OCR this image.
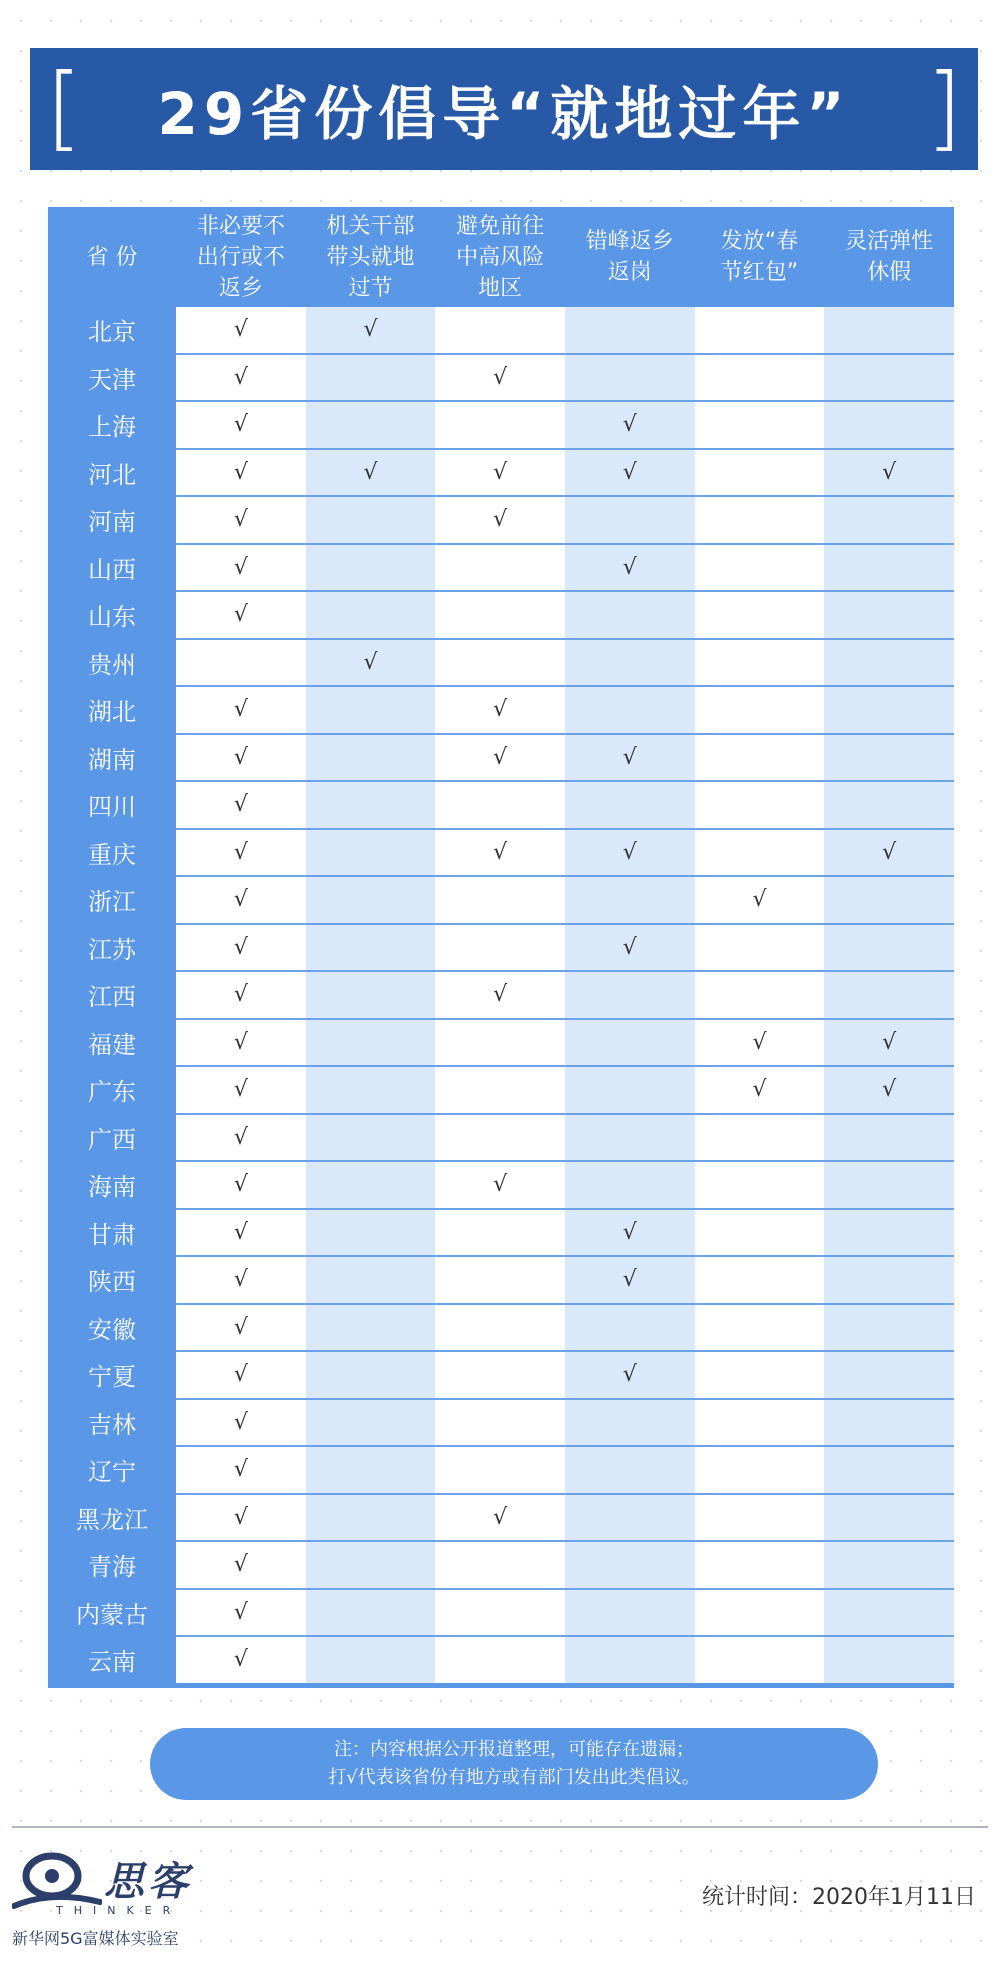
[ 29省份倡导“就地过年” ]
省 份	非必要不
出行或不
返乡	机关干部
带头就地
过节	避免前往
中高风险
地区	错峰返乡
返岗	发放“春
节红包”	灵活弹性
休假
北京	√	√				
天津	√		√			
上海	√			√		
河北	√	√	√	√		√
河南	√		√			
山西	√			√		
山东	√					
贵州		√				
湖北	√		√			
湖南	√		√	√		
四川	√					
重庆	√		√	√		√
浙江	√				√	
江苏	√			√		
江西	√		√			
福建	√				√	√
广东	√				√	√
广西	√					
海南	√		√			
甘肃	√			√		
陕西	√			√		
安徽	√					
宁夏	√			√		
吉林	√					
辽宁	√					
黑龙江	√		√			
青海	√					
内蒙古	√					
云南	√					
注：内容根据公开报道整理，可能存在遗漏；
打√代表该省份有地方或有部门发出此类倡议。
思客
THINKER
新华网5G富媒体实验室
统计时间：2020年1月11日
